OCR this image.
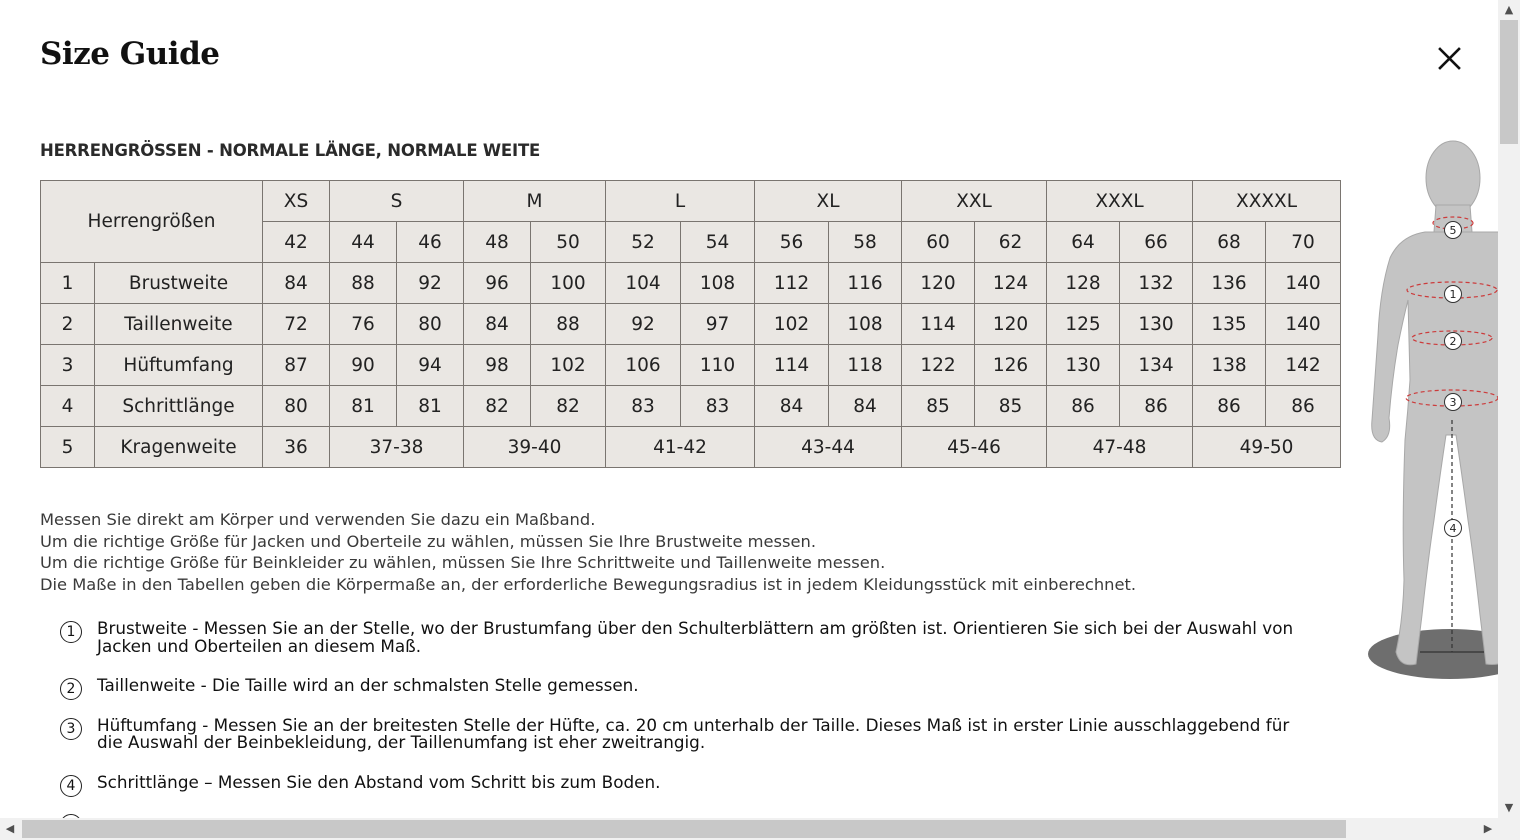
Size Guide
HERRENGRÖSSEN - NORMALE LÄNGE, NORMALE WEITE
Herrengrößen		XS	S		M		L		XL		XXL		XXXL		XXXXL	
		42	44	46	48	50	52	54	56	58	60	62	64	66	68	70
1	Brustweite	84	88	92	96	100	104	108	112	116	120	124	128	132	136	140
2	Taillenweite	72	76	80	84	88	92	97	102	108	114	120	125	130	135	140
3	Hüftumfang	87	90	94	98	102	106	110	114	118	122	126	130	134	138	142
4	Schrittlänge	80	81	81	82	82	83	83	84	84	85	85	86	86	86	86
5	Kragenweite	36	37-38		39-40		41-42		43-44		45-46		47-48		49-50	

Messen Sie direkt am Körper und verwenden Sie dazu ein Maßband.

Um die richtige Größe für Jacken und Oberteile zu wählen, müssen Sie Ihre Brustweite messen.

Um die richtige Größe für Beinkleider zu wählen, müssen Sie Ihre Schrittweite und Taillenweite messen.

Die Maße in den Tabellen geben die Körpermaße an, der erforderliche Bewegungsradius ist in jedem Kleidungsstück mit einberechnet.

1	Brustweite - Messen Sie an der Stelle, wo der Brustumfang über den Schulterblättern am größten ist. Orientieren Sie sich bei der Auswahl von Jacken und Oberteilen an diesem Maß.
2	Taillenweite - Die Taille wird an der schmalsten Stelle gemessen.
3	Hüftumfang - Messen Sie an der breitesten Stelle der Hüfte, ca. 20 cm unterhalb der Taille. Dieses Maß ist in erster Linie ausschlaggebend für die Auswahl der Beinbekleidung, der Taillenumfang ist eher zweitrangig.
4	Schrittlänge – Messen Sie den Abstand vom Schritt bis zum Boden.
5
1
2
3
4
▲
▼
◀	▶
